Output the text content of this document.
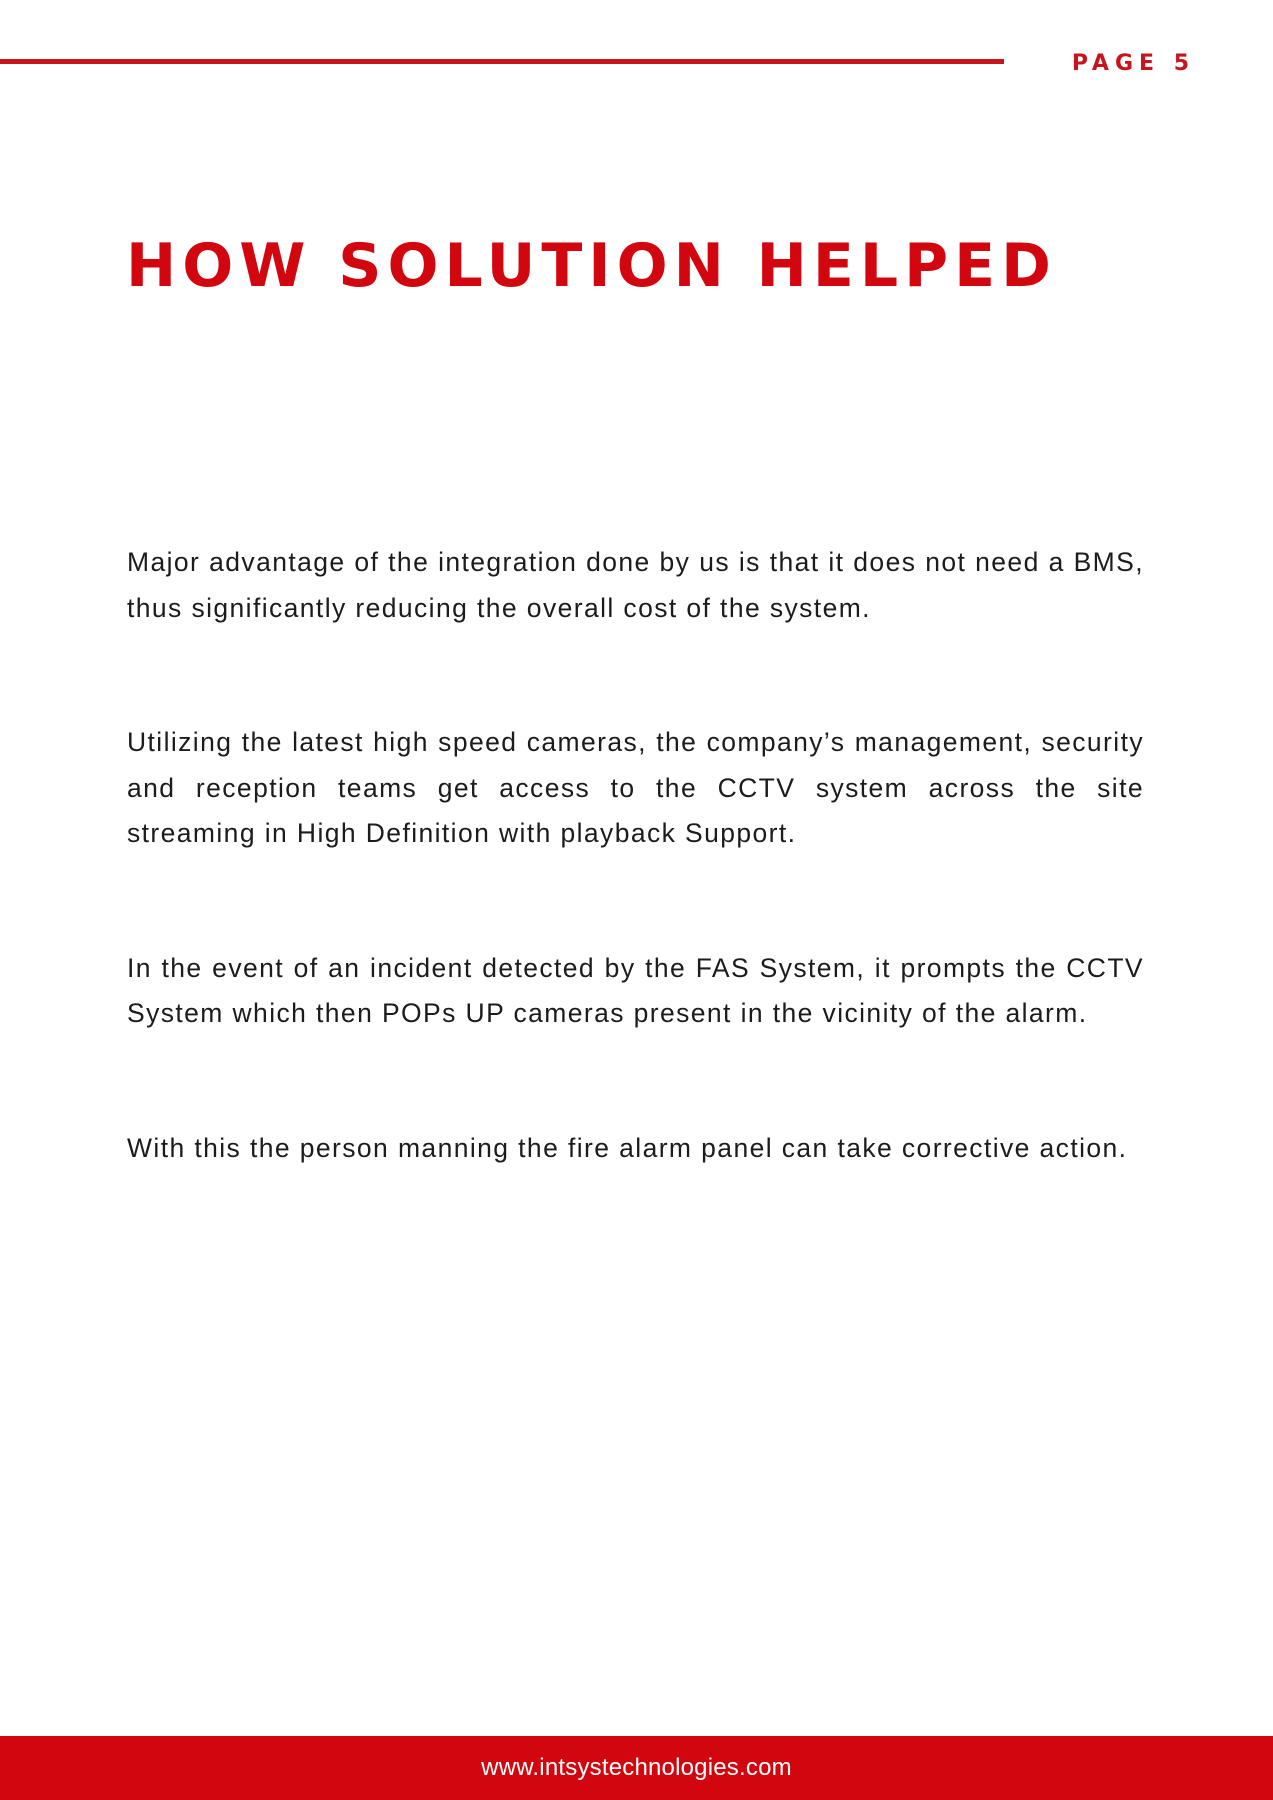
PAGE 5
HOW SOLUTION HELPED

Major advantage of the integration done by us is that it does not need a BMS, thus significantly reducing the overall cost of the system.

Utilizing the latest high speed cameras, the company’s management, security and reception teams get access to the CCTV system across the site streaming in High Definition with playback Support.

In the event of an incident detected by the FAS System, it prompts the CCTV System which then POPs UP cameras present in the vicinity of the alarm.

With this the person manning the fire alarm panel can take corrective action.

www.intsystechnologies.com
